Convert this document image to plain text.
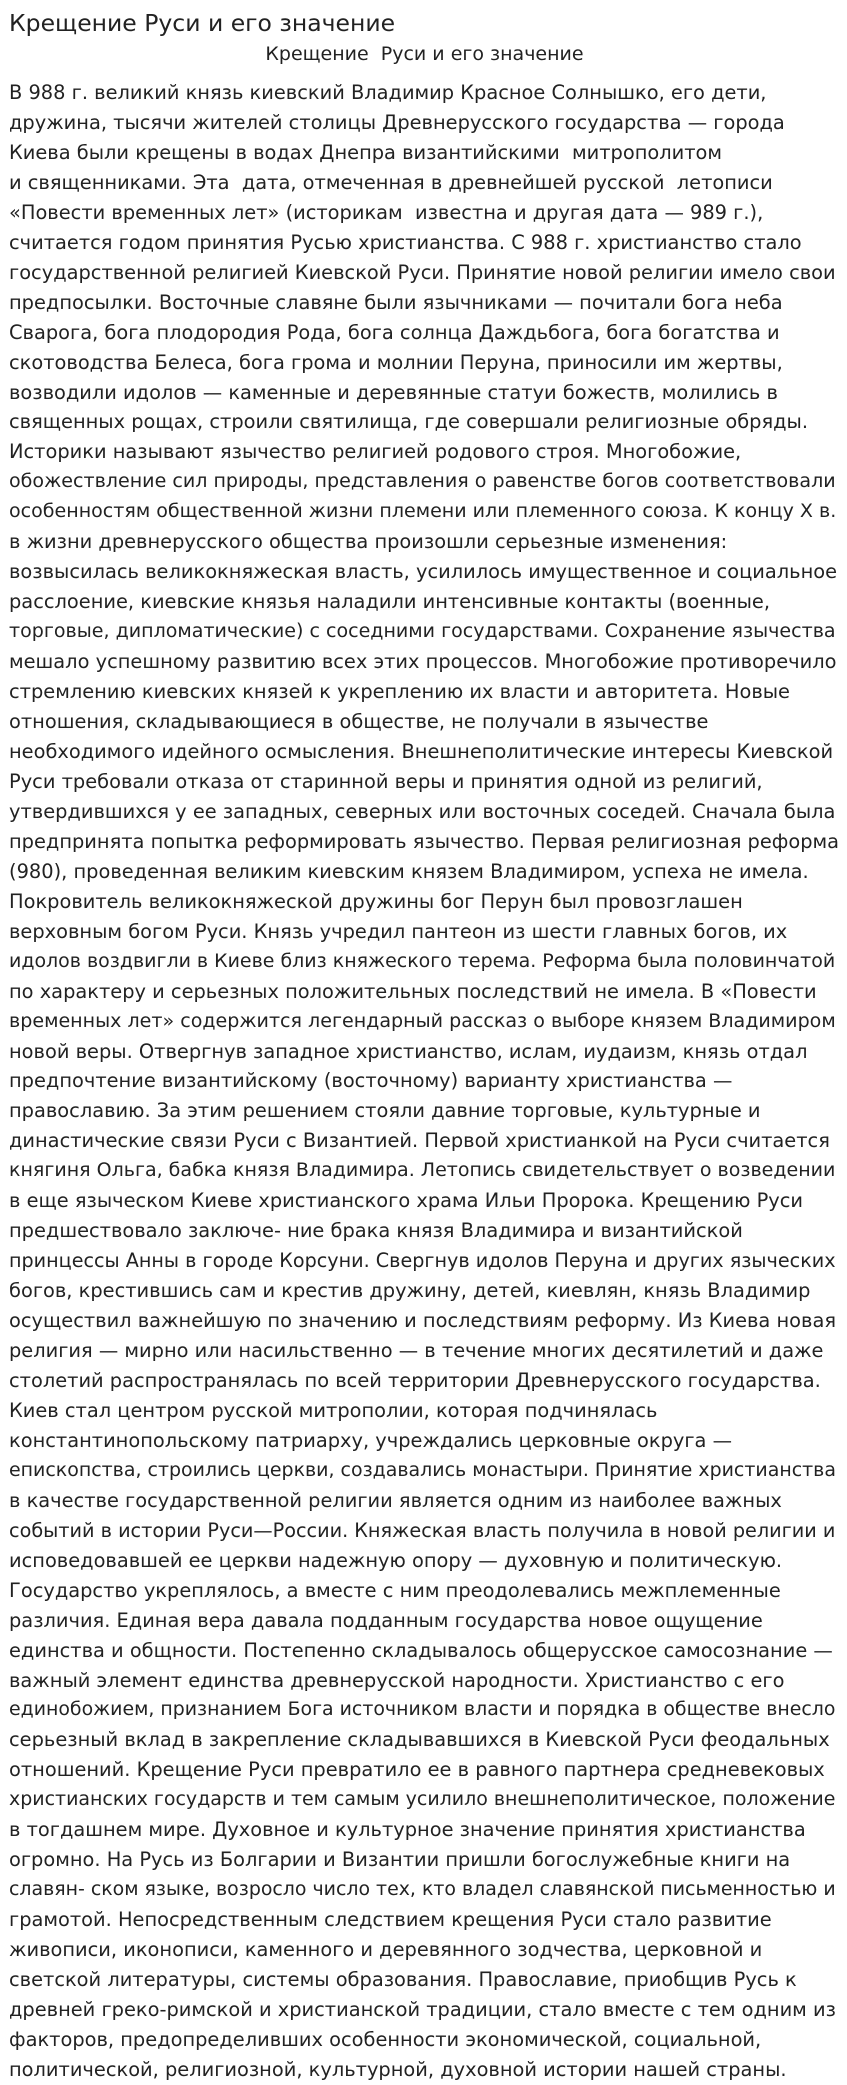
Крещение Руси и его значение
Крещение  Руси и его значение
В 988 г. великий князь киевский Владимир Красное Солнышко, его дети,
дружина, тысячи жителей столицы Древнерусского государства — города
Киева были крещены в водах Днепра византийскими  митрополитом
и священниками. Эта  дата, отмеченная в древнейшей русской  летописи
«Повести временных лет» (историкам  известна и другая дата — 989 г.),
считается годом принятия Русью христианства. С 988 г. христианство стало
государственной религией Киевской Руси. Принятие новой религии имело свои
предпосылки. Восточные славяне были язычниками — почитали бога неба
Сварога, бога плодородия Рода, бога солнца Даждьбога, бога богатства и
скотоводства Белеса, бога грома и молнии Перуна, приносили им жертвы,
возводили идолов — каменные и деревянные статуи божеств, молились в
священных рощах, строили святилища, где совершали религиозные обряды.
Историки называют язычество религией родового строя. Многобожие,
обожествление сил природы, представления о равенстве богов соответствовали
особенностям общественной жизни племени или племенного союза. К концу X в.
в жизни древнерусского общества произошли серьезные изменения:
возвысилась великокняжеская власть, усилилось имущественное и социальное
расслоение, киевские князья наладили интенсивные контакты (военные,
торговые, дипломатические) с соседними государствами. Сохранение язычества
мешало успешному развитию всех этих процессов. Многобожие противоречило
стремлению киевских князей к укреплению их власти и авторитета. Новые
отношения, складывающиеся в обществе, не получали в язычестве
необходимого идейного осмысления. Внешнеполитические интересы Киевской
Руси требовали отказа от старинной веры и принятия одной из религий,
утвердившихся у ее западных, северных или восточных соседей. Сначала была
предпринята попытка реформировать язычество. Первая религиозная реформа
(980), проведенная великим киевским князем Владимиром, успеха не имела.
Покровитель великокняжеской дружины бог Перун был провозглашен
верховным богом Руси. Князь учредил пантеон из шести главных богов, их
идолов воздвигли в Киеве близ княжеского терема. Реформа была половинчатой
по характеру и серьезных положительных последствий не имела. В «Повести
временных лет» содержится легендарный рассказ о выборе князем Владимиром
новой веры. Отвергнув западное христианство, ислам, иудаизм, князь отдал
предпочтение византийскому (восточному) варианту христианства —
православию. За этим решением стояли давние торговые, культурные и
династические связи Руси с Византией. Первой христианкой на Руси считается
княгиня Ольга, бабка князя Владимира. Летопись свидетельствует о возведении
в еще языческом Киеве христианского храма Ильи Пророка. Крещению Руси
предшествовало заключе- ние брака князя Владимира и византийской
принцессы Анны в городе Корсуни. Свергнув идолов Перуна и других языческих
богов, крестившись сам и крестив дружину, детей, киевлян, князь Владимир
осуществил важнейшую по значению и последствиям реформу. Из Киева новая
религия — мирно или насильственно — в течение многих десятилетий и даже
столетий распространялась по всей территории Древнерусского государства.
Киев стал центром русской митрополии, которая подчинялась
константинопольскому патриарху, учреждались церковные округа —
епископства, строились церкви, создавались монастыри. Принятие христианства
в качестве государственной религии является одним из наиболее важных
событий в истории Руси—России. Княжеская власть получила в новой религии и
исповедовавшей ее церкви надежную опору — духовную и политическую.
Государство укреплялось, а вместе с ним преодолевались межплеменные
различия. Единая вера давала подданным государства новое ощущение
единства и общности. Постепенно складывалось общерусское самосознание —
важный элемент единства древнерусской народности. Христианство с его
единобожием, признанием Бога источником власти и порядка в обществе внесло
серьезный вклад в закрепление складывавшихся в Киевской Руси феодальных
отношений. Крещение Руси превратило ее в равного партнера средневековых
христианских государств и тем самым усилило внешнеполитическое, положение
в тогдашнем мире. Духовное и культурное значение принятия христианства
огромно. На Русь из Болгарии и Византии пришли богослужебные книги на
славян- ском языке, возросло число тех, кто владел славянской письменностью и
грамотой. Непосредственным следствием крещения Руси стало развитие
живописи, иконописи, каменного и деревянного зодчества, церковной и
светской литературы, системы образования. Православие, приобщив Русь к
древней греко-римской и христианской традиции, стало вместе с тем одним из
факторов, предопределивших особенности экономической, социальной,
политической, религиозной, культурной, духовной истории нашей страны.
